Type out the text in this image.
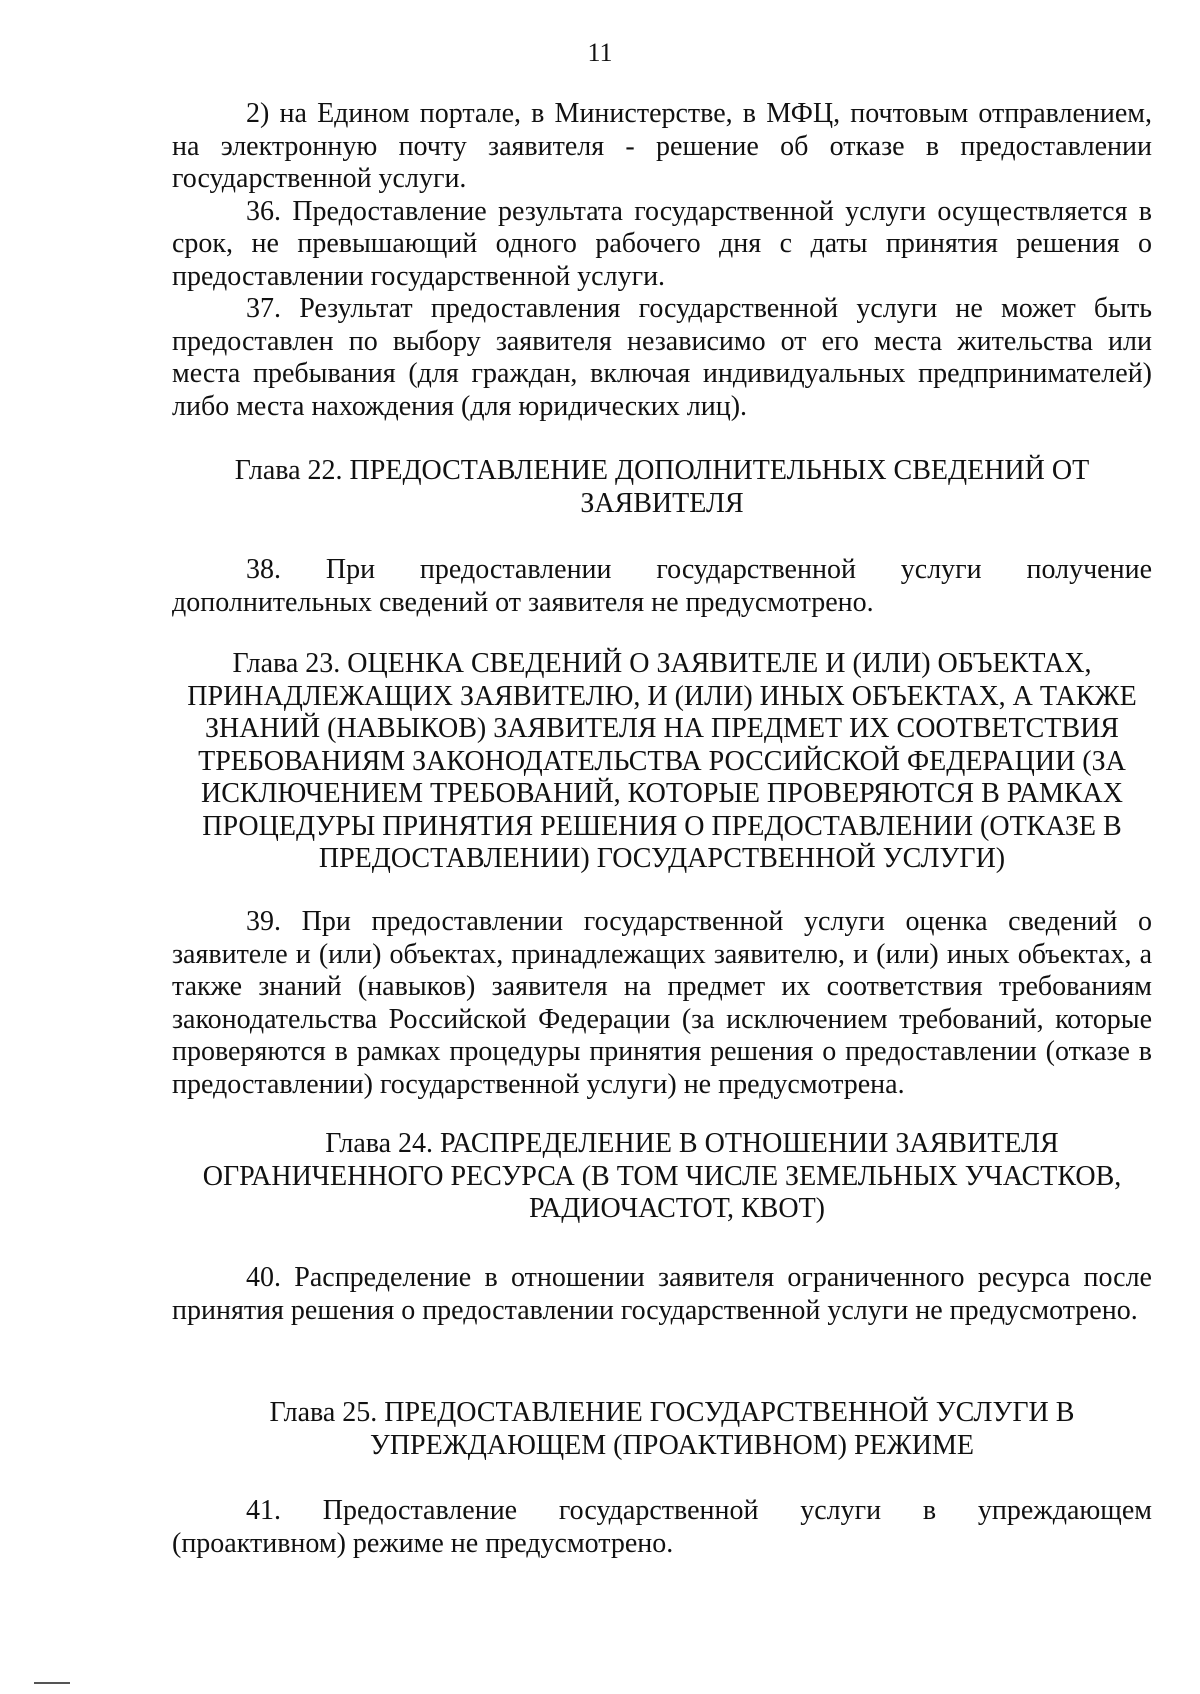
11

2) на Едином портале, в Министерстве, в МФЦ, почтовым отправлением, на электронную почту заявителя - решение об отказе в предоставлении государственной услуги.

36. Предоставление результата государственной услуги осуществляется в срок, не превышающий одного рабочего дня с даты принятия решения о предоставлении государственной услуги.

37. Результат предоставления государственной услуги не может быть предоставлен по выбору заявителя независимо от его места жительства или места пребывания (для граждан, включая индивидуальных предпринимателей) либо места нахождения (для юридических лиц).

Глава 22. ПРЕДОСТАВЛЕНИЕ ДОПОЛНИТЕЛЬНЫХ СВЕДЕНИЙ ОТ
ЗАЯВИТЕЛЯ

38. При предоставлении государственной услуги получение дополнительных сведений от заявителя не предусмотрено.

Глава 23. ОЦЕНКА СВЕДЕНИЙ О ЗАЯВИТЕЛЕ И (ИЛИ) ОБЪЕКТАХ,
ПРИНАДЛЕЖАЩИХ ЗАЯВИТЕЛЮ, И (ИЛИ) ИНЫХ ОБЪЕКТАХ, А ТАКЖЕ
ЗНАНИЙ (НАВЫКОВ) ЗАЯВИТЕЛЯ НА ПРЕДМЕТ ИХ СООТВЕТСТВИЯ
ТРЕБОВАНИЯМ ЗАКОНОДАТЕЛЬСТВА РОССИЙСКОЙ ФЕДЕРАЦИИ (ЗА
ИСКЛЮЧЕНИЕМ ТРЕБОВАНИЙ, КОТОРЫЕ ПРОВЕРЯЮТСЯ В РАМКАХ
ПРОЦЕДУРЫ ПРИНЯТИЯ РЕШЕНИЯ О ПРЕДОСТАВЛЕНИИ (ОТКАЗЕ В
ПРЕДОСТАВЛЕНИИ) ГОСУДАРСТВЕННОЙ УСЛУГИ)

39. При предоставлении государственной услуги оценка сведений о заявителе и (или) объектах, принадлежащих заявителю, и (или) иных объектах, а также знаний (навыков) заявителя на предмет их соответствия требованиям законодательства Российской Федерации (за исключением требований, которые проверяются в рамках процедуры принятия решения о предоставлении (отказе в предоставлении) государственной услуги) не предусмотрена.

Глава 24. РАСПРЕДЕЛЕНИЕ В ОТНОШЕНИИ ЗАЯВИТЕЛЯ
ОГРАНИЧЕННОГО РЕСУРСА (В ТОМ ЧИСЛЕ ЗЕМЕЛЬНЫХ УЧАСТКОВ,
РАДИОЧАСТОТ, КВОТ)

40. Распределение в отношении заявителя ограниченного ресурса после принятия решения о предоставлении государственной услуги не предусмотрено.

Глава 25. ПРЕДОСТАВЛЕНИЕ ГОСУДАРСТВЕННОЙ УСЛУГИ В
УПРЕЖДАЮЩЕМ (ПРОАКТИВНОМ) РЕЖИМЕ

41. Предоставление государственной услуги в упреждающем (проактивном) режиме не предусмотрено.
